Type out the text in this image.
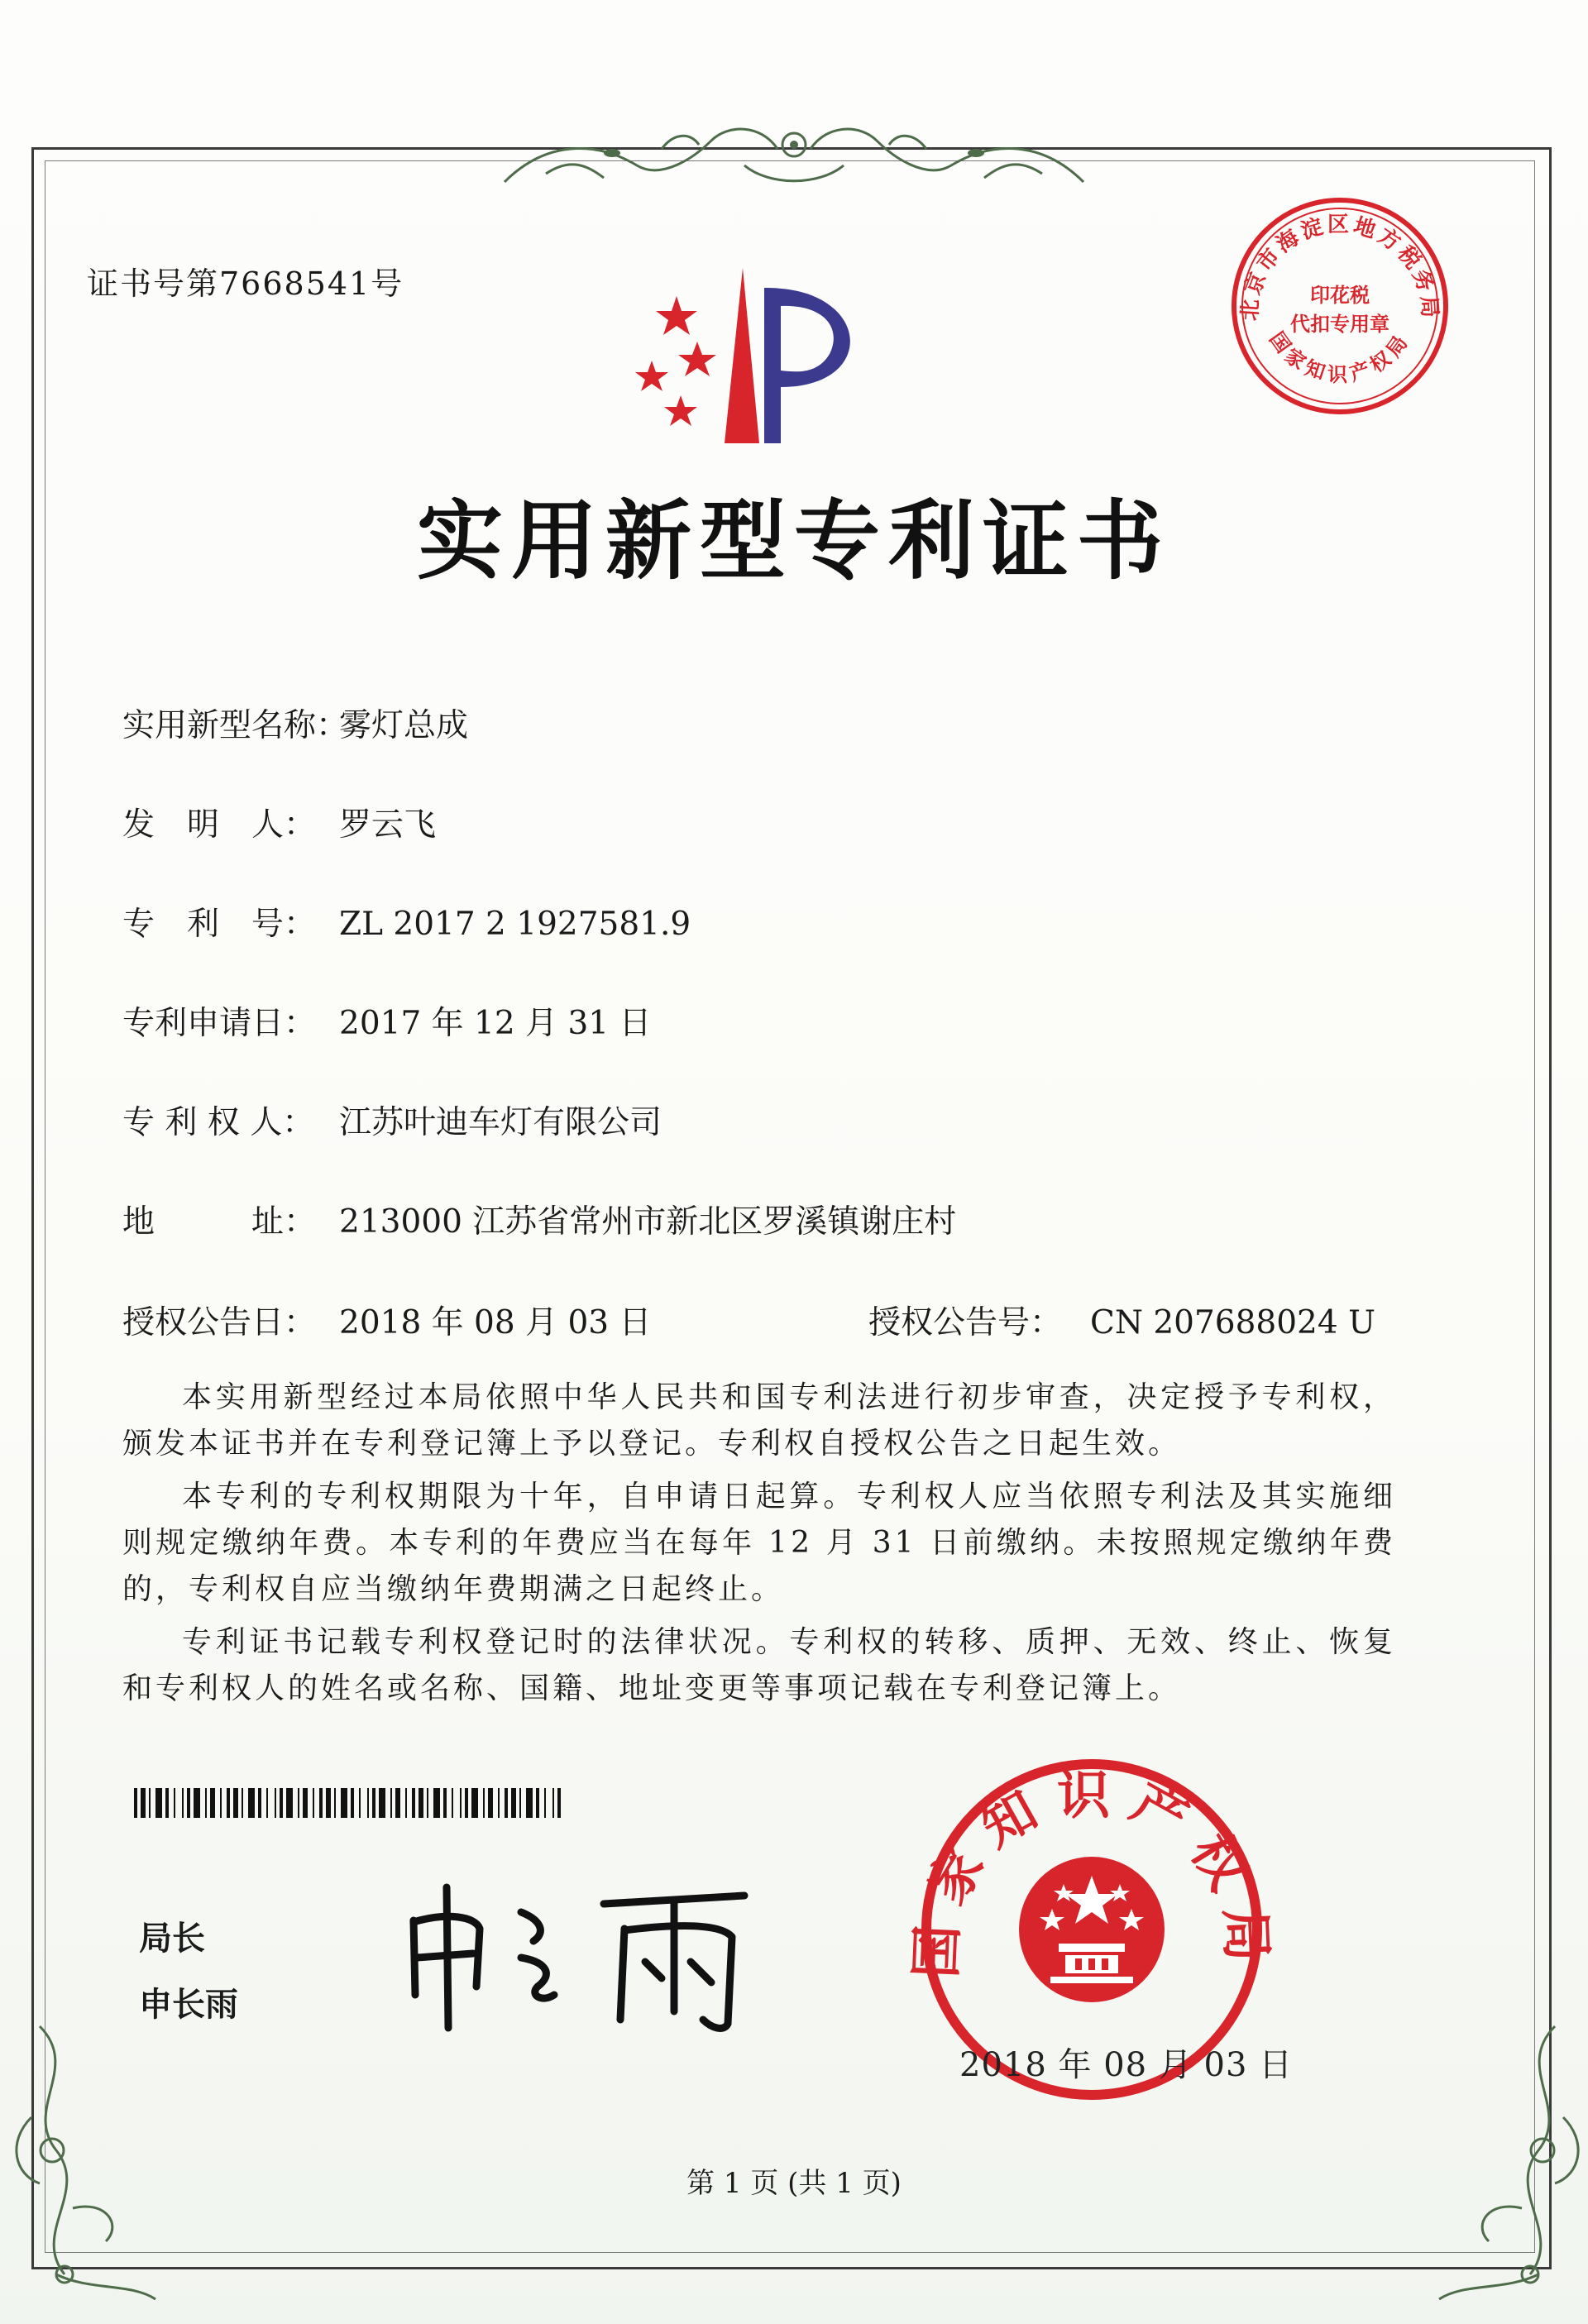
证书号第7668541号
北京市海淀区地方税务局
国家知识产权局
印花税
代扣专用章
实用新型专利证书
实用新型名称：雾灯总成
发　明　人： 罗云飞
专　利　号： ZL 2017 2 1927581.9
专利申请日： 2017 年 12 月 31 日
专 利 权 人： 江苏叶迪车灯有限公司
地　　　址： 213000 江苏省常州市新北区罗溪镇谢庄村
授权公告日： 2018 年 08 月 03 日	授权公告号： CN 207688024 U

本实用新型经过本局依照中华人民共和国专利法进行初步审查，决定授予专利权，颁发本证书并在专利登记簿上予以登记。专利权自授权公告之日起生效。

本专利的专利权期限为十年，自申请日起算。专利权人应当依照专利法及其实施细则规定缴纳年费。本专利的年费应当在每年 12 月 31 日前缴纳。未按照规定缴纳年费的，专利权自应当缴纳年费期满之日起终止。

专利证书记载专利权登记时的法律状况。专利权的转移、质押、无效、终止、恢复和专利权人的姓名或名称、国籍、地址变更等事项记载在专利登记簿上。

局长
申长雨
国家知识产权局
2018 年 08 月 03 日
第 1 页 (共 1 页)
